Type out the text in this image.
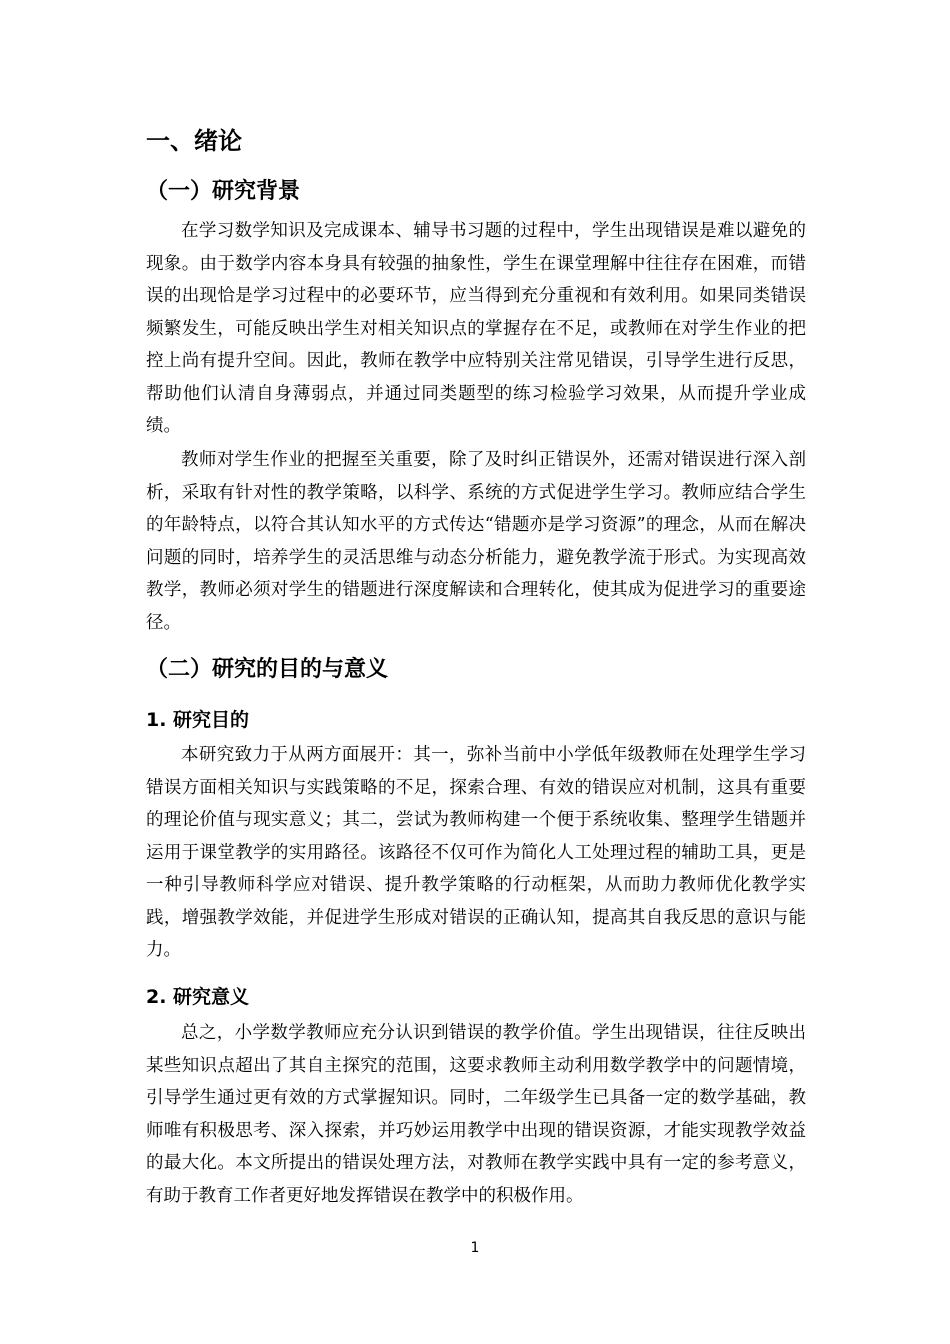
一、绪论
（一）研究背景

在学习数学知识及完成课本、辅导书习题的过程中，学生出现错误是难以避免的现象。由于数学内容本身具有较强的抽象性，学生在课堂理解中往往存在困难，而错误的出现恰是学习过程中的必要环节，应当得到充分重视和有效利用。如果同类错误频繁发生，可能反映出学生对相关知识点的掌握存在不足，或教师在对学生作业的把控上尚有提升空间。因此，教师在教学中应特别关注常见错误，引导学生进行反思，帮助他们认清自身薄弱点，并通过同类题型的练习检验学习效果，从而提升学业成绩。

教师对学生作业的把握至关重要，除了及时纠正错误外，还需对错误进行深入剖析，采取有针对性的教学策略，以科学、系统的方式促进学生学习。教师应结合学生的年龄特点，以符合其认知水平的方式传达“错题亦是学习资源”的理念，从而在解决问题的同时，培养学生的灵活思维与动态分析能力，避免教学流于形式。为实现高效教学，教师必须对学生的错题进行深度解读和合理转化，使其成为促进学习的重要途径。

（二）研究的目的与意义
1. 研究目的

本研究致力于从两方面展开：其一，弥补当前中小学低年级教师在处理学生学习错误方面相关知识与实践策略的不足，探索合理、有效的错误应对机制，这具有重要的理论价值与现实意义；其二，尝试为教师构建一个便于系统收集、整理学生错题并运用于课堂教学的实用路径。该路径不仅可作为简化人工处理过程的辅助工具，更是一种引导教师科学应对错误、提升教学策略的行动框架，从而助力教师优化教学实践，增强教学效能，并促进学生形成对错误的正确认知，提高其自我反思的意识与能力。

2. 研究意义

总之，小学数学教师应充分认识到错误的教学价值。学生出现错误，往往反映出某些知识点超出了其自主探究的范围，这要求教师主动利用数学教学中的问题情境，引导学生通过更有效的方式掌握知识。同时，二年级学生已具备一定的数学基础，教师唯有积极思考、深入探索，并巧妙运用教学中出现的错误资源，才能实现教学效益的最大化。本文所提出的错误处理方法，对教师在教学实践中具有一定的参考意义，有助于教育工作者更好地发挥错误在教学中的积极作用。

1
